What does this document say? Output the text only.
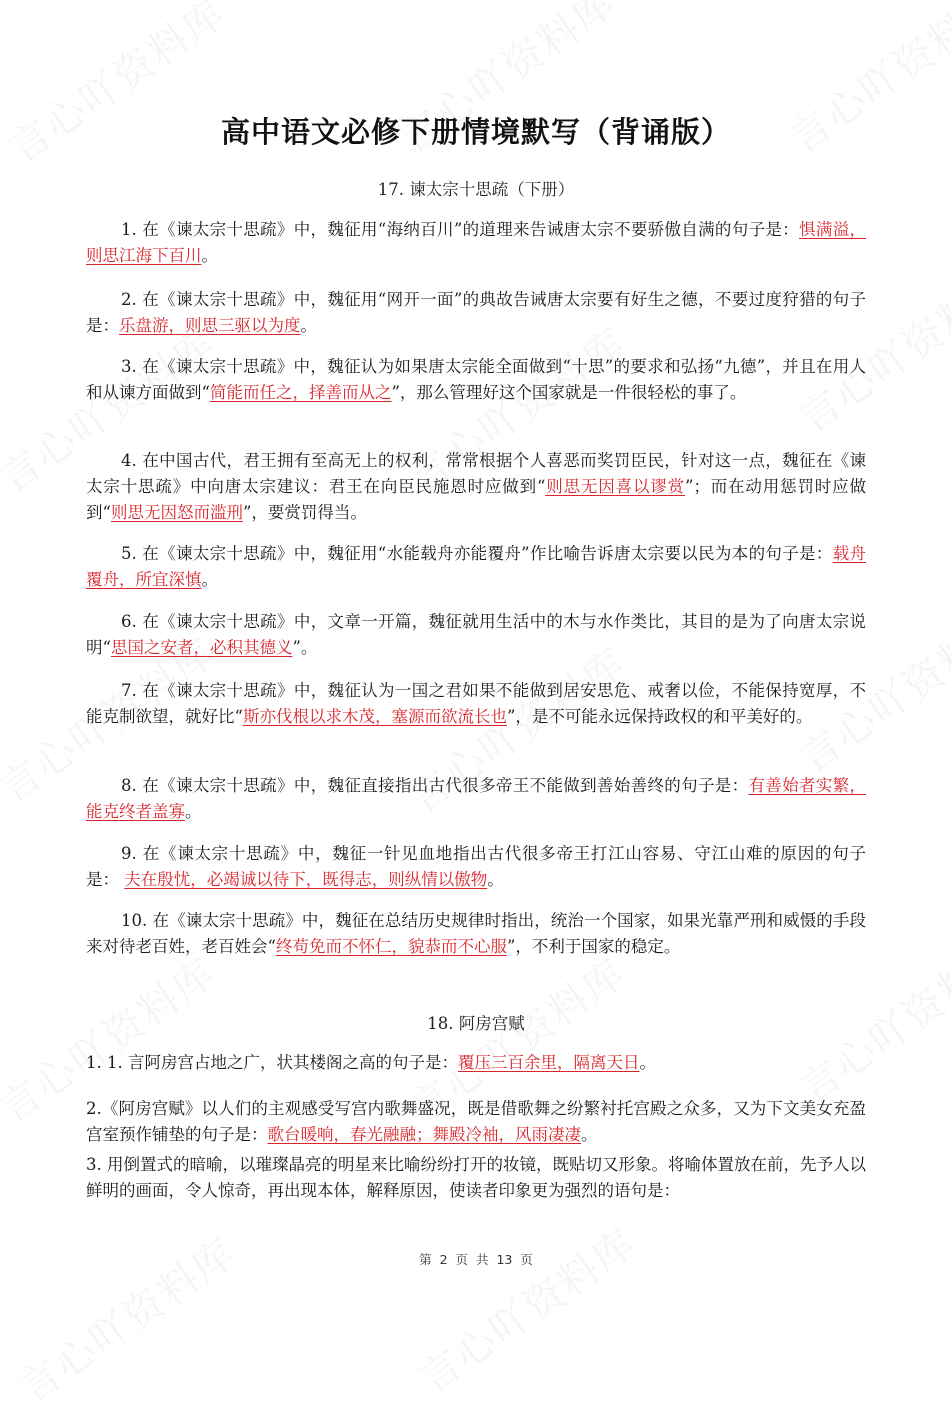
高中语文必修下册情境默写（背诵版）
17. 谏太宗十思疏（下册）
1. 在《谏太宗十思疏》中，魏征用“海纳百川”的道理来告诫唐太宗不要骄傲自满的句子是：惧满溢，则思江海下百川。
2. 在《谏太宗十思疏》中，魏征用“网开一面”的典故告诫唐太宗要有好生之德，不要过度狩猎的句子是：乐盘游，则思三驱以为度。
3. 在《谏太宗十思疏》中，魏征认为如果唐太宗能全面做到“十思”的要求和弘扬“九德”，并且在用人和从谏方面做到“简能而任之，择善而从之”，那么管理好这个国家就是一件很轻松的事了。
4. 在中国古代，君王拥有至高无上的权利，常常根据个人喜恶而奖罚臣民，针对这一点，魏征在《谏太宗十思疏》中向唐太宗建议：君王在向臣民施恩时应做到“则思无因喜以谬赏”；而在动用惩罚时应做到“则思无因怒而滥刑”，要赏罚得当。
5. 在《谏太宗十思疏》中，魏征用“水能载舟亦能覆舟”作比喻告诉唐太宗要以民为本的句子是：载舟覆舟，所宜深慎。
6. 在《谏太宗十思疏》中，文章一开篇，魏征就用生活中的木与水作类比，其目的是为了向唐太宗说明“思国之安者，必积其德义”。
7. 在《谏太宗十思疏》中，魏征认为一国之君如果不能做到居安思危、戒奢以俭，不能保持宽厚，不能克制欲望，就好比“斯亦伐根以求木茂，塞源而欲流长也”，是不可能永远保持政权的和平美好的。
8. 在《谏太宗十思疏》中，魏征直接指出古代很多帝王不能做到善始善终的句子是：有善始者实繁，能克终者盖寡。
9. 在《谏太宗十思疏》中，魏征一针见血地指出古代很多帝王打江山容易、守江山难的原因的句子是： 夫在殷忧，必竭诚以待下，既得志，则纵情以傲物。
10. 在《谏太宗十思疏》中，魏征在总结历史规律时指出，统治一个国家，如果光靠严刑和威慑的手段来对待老百姓，老百姓会“终苟免而不怀仁，貌恭而不心服”，不利于国家的稳定。
18. 阿房宫赋
1. 1. 言阿房宫占地之广，状其楼阁之高的句子是：覆压三百余里，隔离天日。
2.《阿房宫赋》以人们的主观感受写宫内歌舞盛况，既是借歌舞之纷繁衬托宫殿之众多，又为下文美女充盈宫室预作铺垫的句子是：歌台暖响，春光融融；舞殿冷袖，风雨凄凄。
3. 用倒置式的暗喻，以璀璨晶亮的明星来比喻纷纷打开的妆镜，既贴切又形象。将喻体置放在前，先予人以鲜明的画面，令人惊奇，再出现本体，解释原因，使读者印象更为强烈的语句是：
第 2 页 共 13 页
